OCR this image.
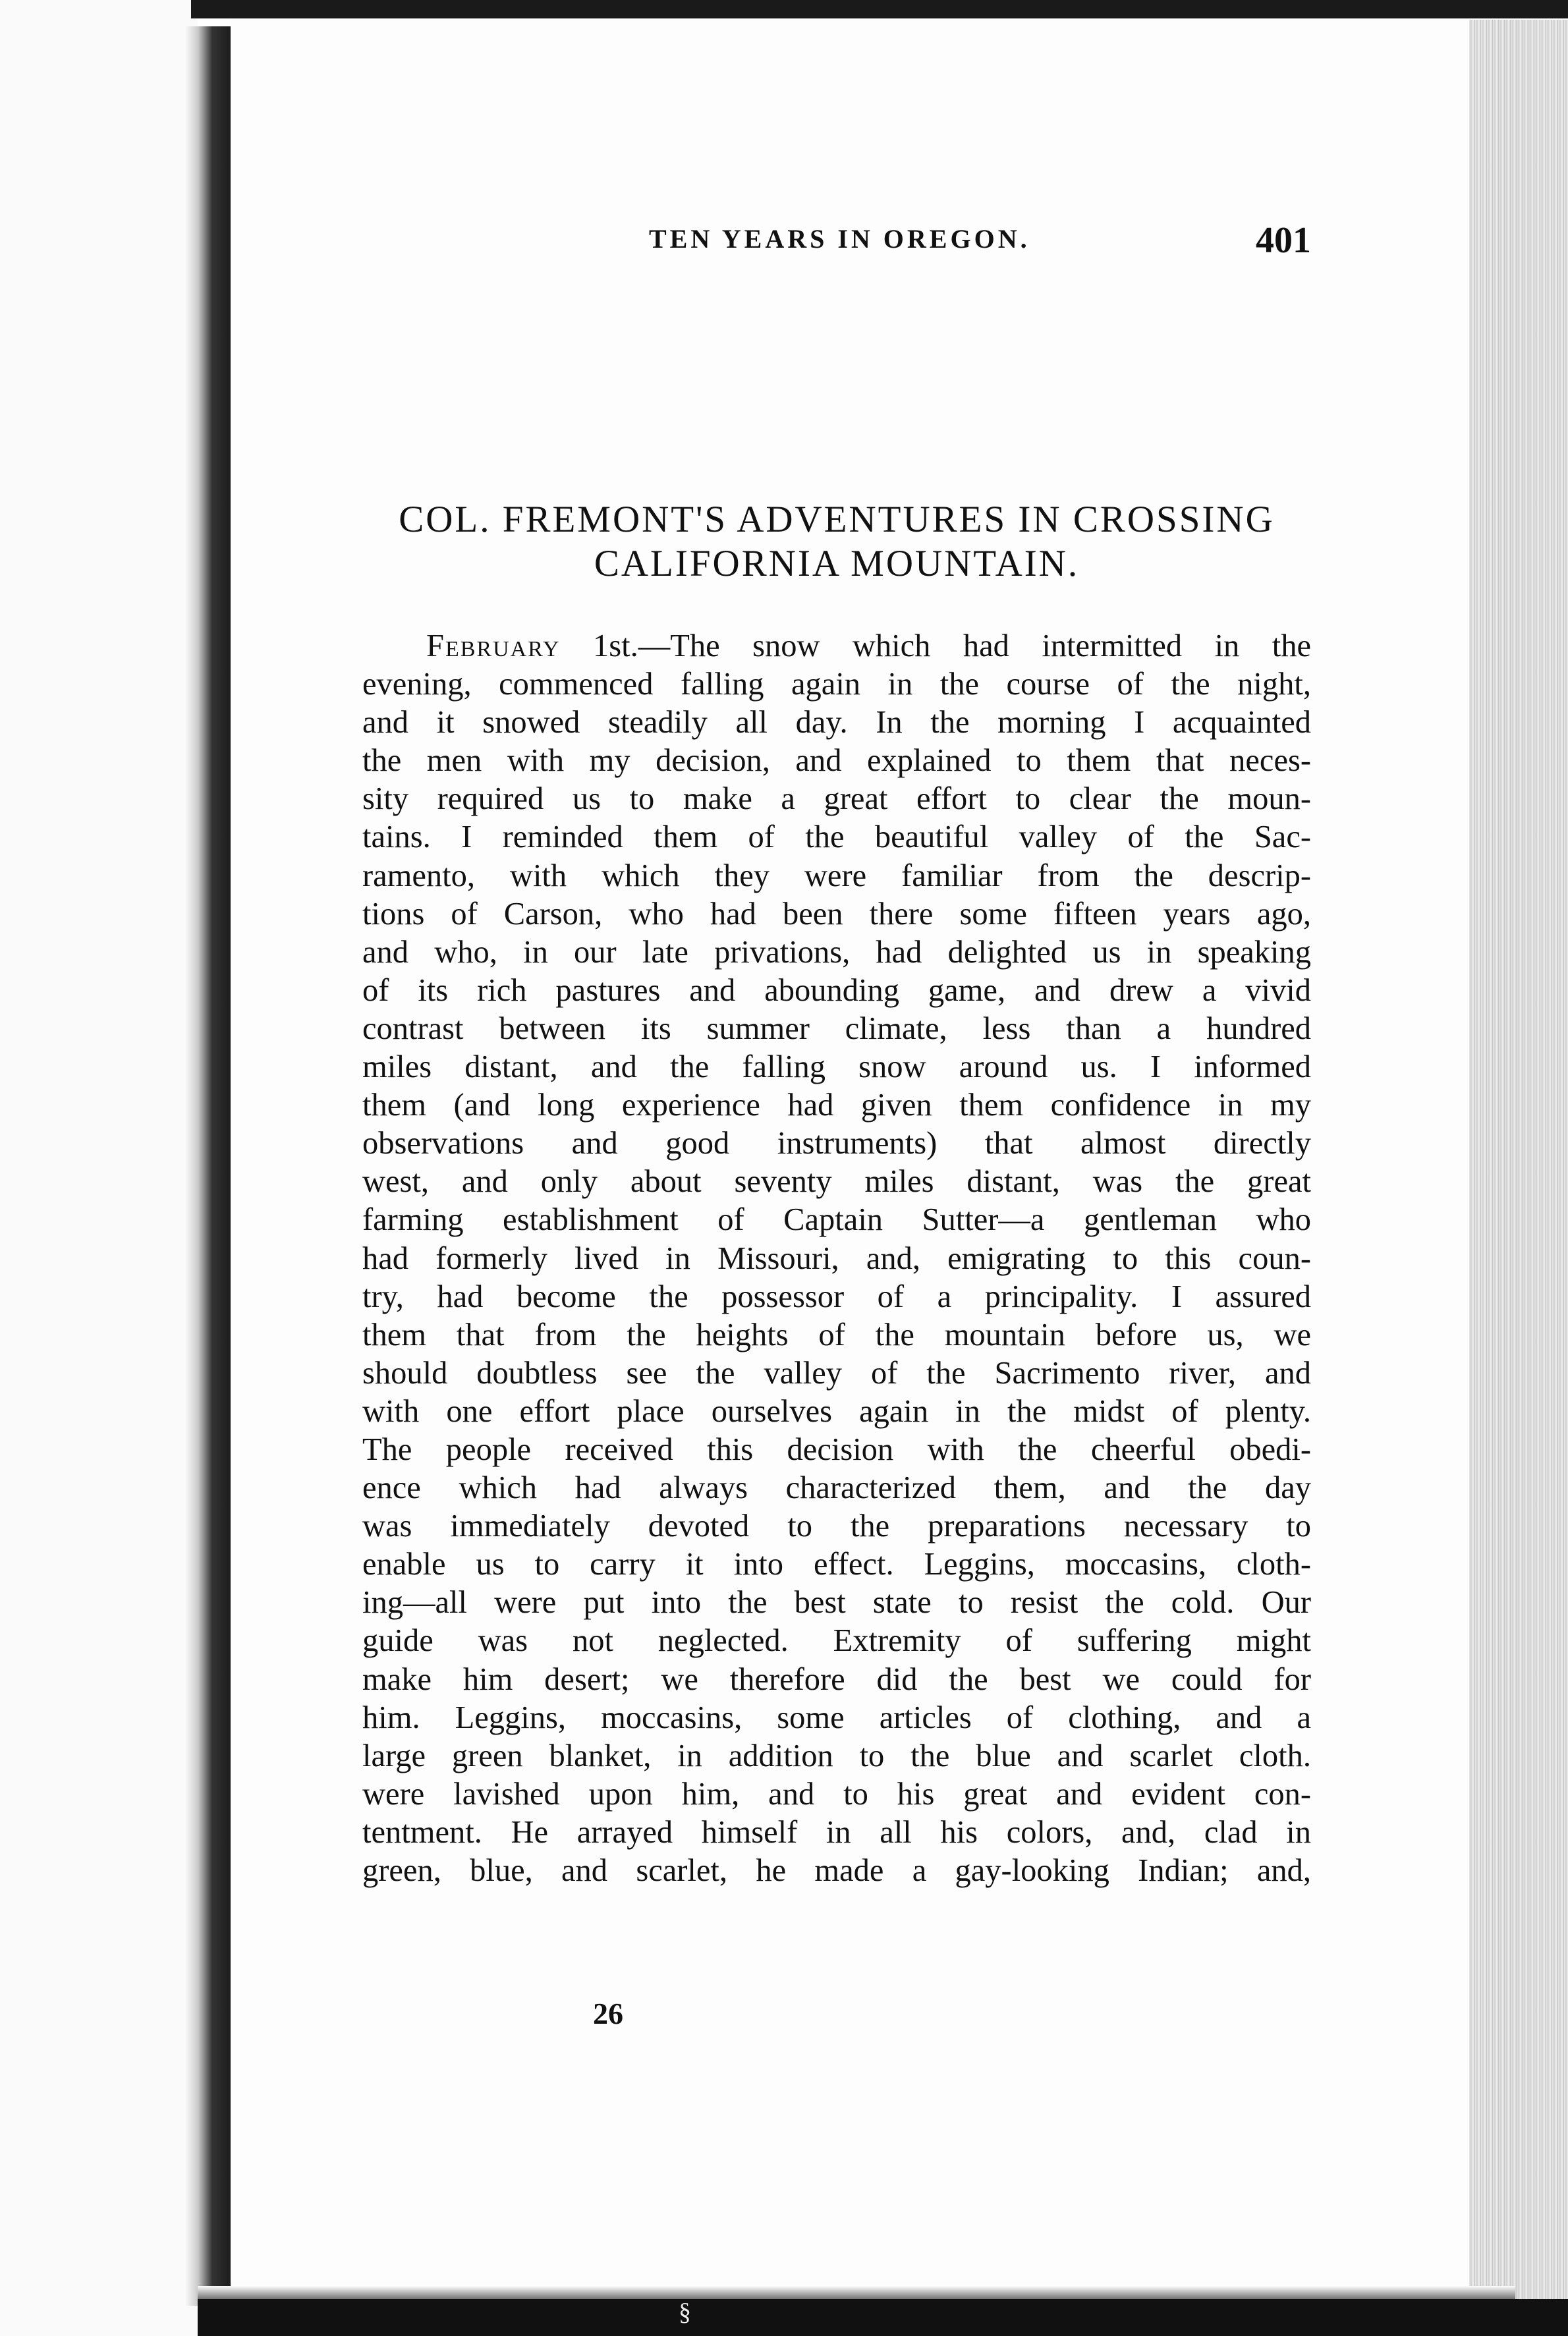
TEN YEARS IN OREGON.	401
COL. FREMONT'S ADVENTURES IN CROSSING
CALIFORNIA MOUNTAIN.
  February 1st.—The snow which had intermitted in the
evening, commenced falling again in the course of the night,
and it snowed steadily all day. In the morning I acquainted
the men with my decision, and explained to them that neces-
sity required us to make a great effort to clear the moun-
tains. I reminded them of the beautiful valley of the Sac-
ramento, with which they were familiar from the descrip-
tions of Carson, who had been there some fifteen years ago,
and who, in our late privations, had delighted us in speaking
of its rich pastures and abounding game, and drew a vivid
contrast between its summer climate, less than a hundred
miles distant, and the falling snow around us. I informed
them (and long experience had given them confidence in my
observations and good instruments) that almost directly
west, and only about seventy miles distant, was the great
farming establishment of Captain Sutter—a gentleman who
had formerly lived in Missouri, and, emigrating to this coun-
try, had become the possessor of a principality. I assured
them that from the heights of the mountain before us, we
should doubtless see the valley of the Sacrimento river, and
with one effort place ourselves again in the midst of plenty.
The people received this decision with the cheerful obedi-
ence which had always characterized them, and the day
was immediately devoted to the preparations necessary to
enable us to carry it into effect. Leggins, moccasins, cloth-
ing—all were put into the best state to resist the cold. Our
guide was not neglected. Extremity of suffering might
make him desert; we therefore did the best we could for
him. Leggins, moccasins, some articles of clothing, and a
large green blanket, in addition to the blue and scarlet cloth.
were lavished upon him, and to his great and evident con-
tentment. He arrayed himself in all his colors, and, clad in
green, blue, and scarlet, he made a gay-looking Indian; and,
26
§
